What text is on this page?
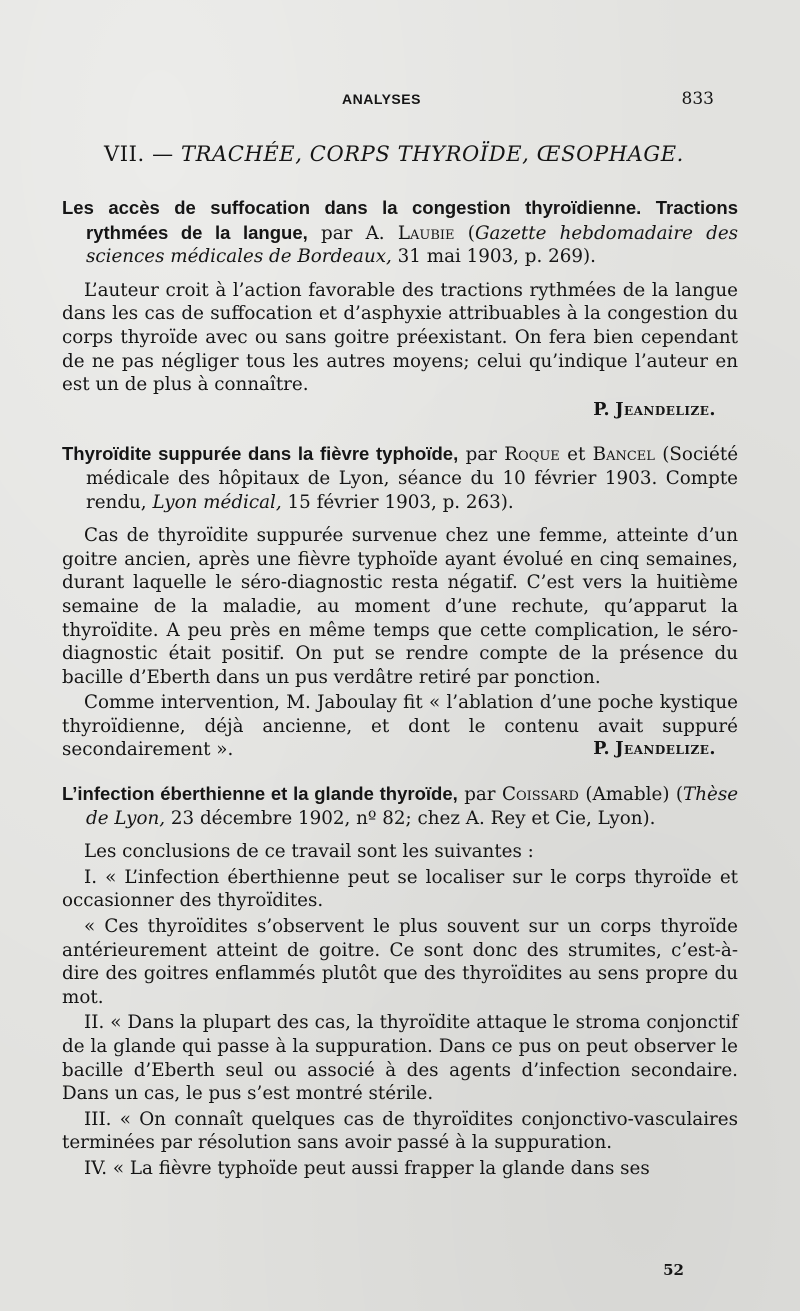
ANALYSES	833
VII. — TRACHÉE, CORPS THYROÏDE, ŒSOPHAGE.

Les accès de suffocation dans la congestion thyroïdienne. Tractions rythmées de la langue, par A. Laubie (Gazette hebdomadaire des sciences médicales de Bordeaux, 31 mai 1903, p. 269).

L’auteur croit à l’action favorable des tractions rythmées de la langue dans les cas de suffocation et d’asphyxie attribuables à la congestion du corps thyroïde avec ou sans goitre préexistant. On fera bien cependant de ne pas négliger tous les autres moyens; celui qu’indique l’auteur en est un de plus à connaître.

P. Jeandelize.

Thyroïdite suppurée dans la fièvre typhoïde, par Roque et Bancel (Société médicale des hôpitaux de Lyon, séance du 10 février 1903. Compte rendu, Lyon médical, 15 février 1903, p. 263).

Cas de thyroïdite suppurée survenue chez une femme, atteinte d’un goitre ancien, après une fièvre typhoïde ayant évolué en cinq semaines, durant laquelle le séro-diagnostic resta négatif. C’est vers la huitième semaine de la maladie, au moment d’une rechute, qu’apparut la thyroïdite. A peu près en même temps que cette complication, le séro-diagnostic était positif. On put se rendre compte de la présence du bacille d’Eberth dans un pus verdâtre retiré par ponction.

Comme intervention, M. Jaboulay fit « l’ablation d’une poche kystique thyroïdienne, déjà ancienne, et dont le contenu avait suppuré secondairement ».	P. Jeandelize.

L’infection éberthienne et la glande thyroïde, par Coissard (Amable) (Thèse de Lyon, 23 décembre 1902, nº 82; chez A. Rey et Cie, Lyon).

Les conclusions de ce travail sont les suivantes :

I. « L’infection éberthienne peut se localiser sur le corps thyroïde et occasionner des thyroïdites.

« Ces thyroïdites s’observent le plus souvent sur un corps thyroïde antérieurement atteint de goitre. Ce sont donc des strumites, c’est-à-dire des goitres enflammés plutôt que des thyroïdites au sens propre du mot.

II. « Dans la plupart des cas, la thyroïdite attaque le stroma conjonctif de la glande qui passe à la suppuration. Dans ce pus on peut observer le bacille d’Eberth seul ou associé à des agents d’infection secondaire. Dans un cas, le pus s’est montré stérile.

III. « On connaît quelques cas de thyroïdites conjonctivo-vasculaires terminées par résolution sans avoir passé à la suppuration.

IV. « La fièvre typhoïde peut aussi frapper la glande dans ses

52
